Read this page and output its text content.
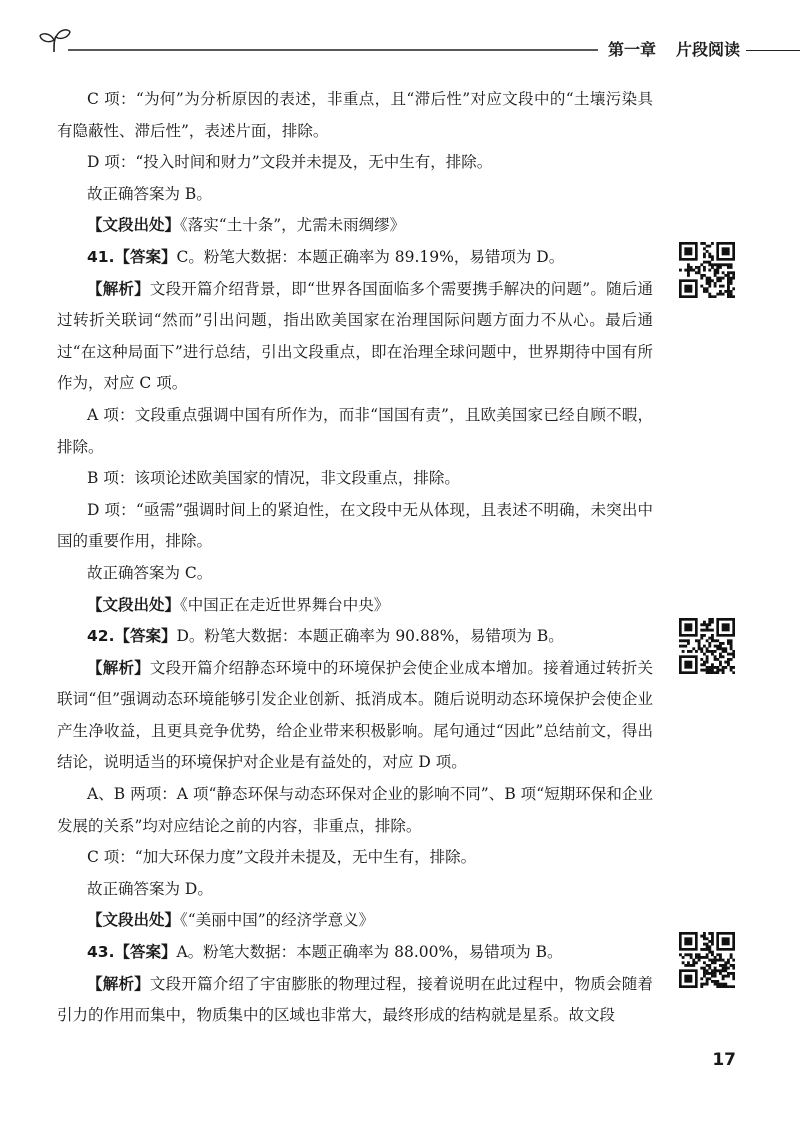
第一章 片段阅读

C 项：“为何”为分析原因的表述，非重点，且“滞后性”对应文段中的“土壤污染具有隐蔽性、滞后性”，表述片面，排除。

D 项：“投入时间和财力”文段并未提及，无中生有，排除。

故正确答案为 B。

【文段出处】《落实“土十条”，尤需未雨绸缪》

41.【答案】C。粉笔大数据：本题正确率为 89.19%，易错项为 D。

【解析】文段开篇介绍背景，即“世界各国面临多个需要携手解决的问题”。随后通过转折关联词“然而”引出问题，指出欧美国家在治理国际问题方面力不从心。最后通过“在这种局面下”进行总结，引出文段重点，即在治理全球问题中，世界期待中国有所作为，对应 C 项。

A 项：文段重点强调中国有所作为，而非“国国有责”，且欧美国家已经自顾不暇，排除。

B 项：该项论述欧美国家的情况，非文段重点，排除。

D 项：“亟需”强调时间上的紧迫性，在文段中无从体现，且表述不明确，未突出中国的重要作用，排除。

故正确答案为 C。

【文段出处】《中国正在走近世界舞台中央》

42.【答案】D。粉笔大数据：本题正确率为 90.88%，易错项为 B。

【解析】文段开篇介绍静态环境中的环境保护会使企业成本增加。接着通过转折关联词“但”强调动态环境能够引发企业创新、抵消成本。随后说明动态环境保护会使企业产生净收益，且更具竞争优势，给企业带来积极影响。尾句通过“因此”总结前文，得出结论，说明适当的环境保护对企业是有益处的，对应 D 项。

A、B 两项：A 项“静态环保与动态环保对企业的影响不同”、B 项“短期环保和企业发展的关系”均对应结论之前的内容，非重点，排除。

C 项：“加大环保力度”文段并未提及，无中生有，排除。

故正确答案为 D。

【文段出处】《“美丽中国”的经济学意义》

43.【答案】A。粉笔大数据：本题正确率为 88.00%，易错项为 B。

【解析】文段开篇介绍了宇宙膨胀的物理过程，接着说明在此过程中，物质会随着引力的作用而集中，物质集中的区域也非常大，最终形成的结构就是星系。故文段

17
